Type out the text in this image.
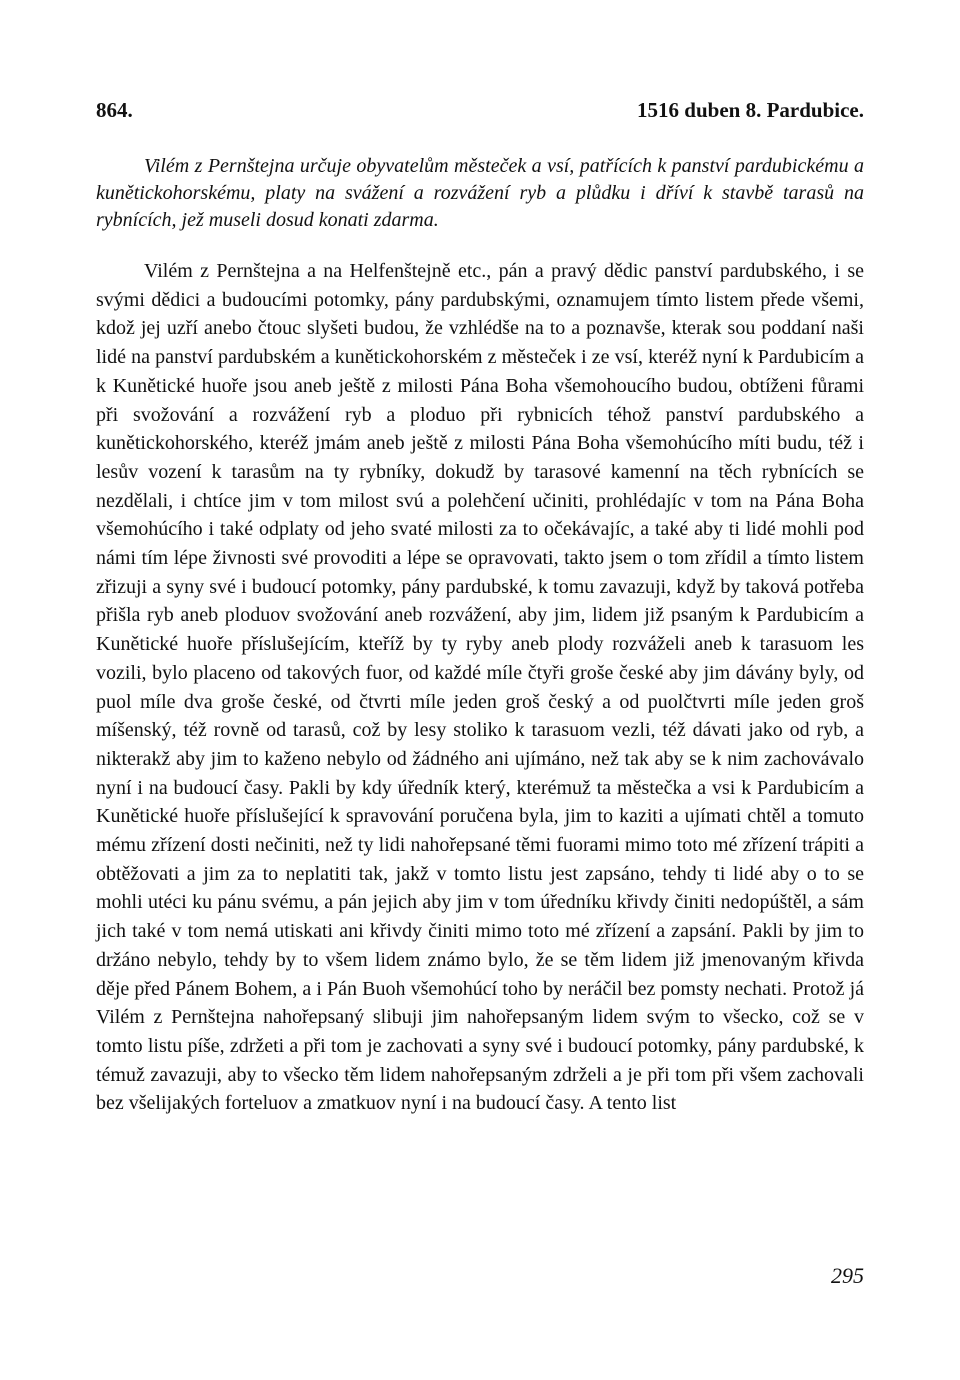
864.	1516 duben 8. Pardubice.

Vilém z Pernštejna určuje obyvatelům městeček a vsí, patřících k panství pardubickému a kunětickohorskému, platy na svážení a rozvážení ryb a plůdku i dříví k stavbě tarasů na rybnících, jež museli dosud konati zdarma.

Vilém z Pernštejna a na Helfenštejně etc., pán a pravý dědic panství pardubského, i se svými dědici a budoucími potomky, pány pardubskými, oznamujem tímto listem přede všemi, kdož jej uzří anebo čtouc slyšeti budou, že vzhlédše na to a poznavše, kterak sou poddaní naši lidé na panství pardubském a kunětickohorském z městeček i ze vsí, kteréž nyní k Pardubicím a k Kunětické huoře jsou aneb ještě z milosti Pána Boha všemohoucího budou, obtíženi fůrami při svožování a rozvážení ryb a ploduo při rybnicích téhož panství pardubského a kunětickohorského, kteréž jmám aneb ještě z milosti Pána Boha všemohúcího míti budu, též i lesův vození k tarasům na ty rybníky, dokudž by tarasové kamenní na těch rybnících se nezdělali, i chtíce jim v tom milost svú a polehčení učiniti, prohlédajíc v tom na Pána Boha všemohúcího i také odplaty od jeho svaté milosti za to očekávajíc, a také aby ti lidé mohli pod námi tím lépe živnosti své provoditi a lépe se opravovati, takto jsem o tom zřídil a tímto listem zřizuji a syny své i budoucí potomky, pány pardubské, k tomu zavazuji, když by taková potřeba přišla ryb aneb ploduov svožování aneb rozvážení, aby jim, lidem již psaným k Pardubicím a Kunětické huoře příslušejícím, kteříž by ty ryby aneb plody rozváželi aneb k tarasuom les vozili, bylo placeno od takových fuor, od každé míle čtyři groše české aby jim dávány byly, od puol míle dva groše české, od čtvrti míle jeden groš český a od puolčtvrti míle jeden groš míšenský, též rovně od tarasů, což by lesy stoliko k tarasuom vezli, též dávati jako od ryb, a nikterakž aby jim to kaženo nebylo od žádného ani ujímáno, než tak aby se k nim zachovávalo nyní i na budoucí časy. Pakli by kdy úředník který, kterémuž ta městečka a vsi k Pardubicím a Kunětické huoře příslušející k spravování poručena byla, jim to kaziti a ujímati chtěl a tomuto mému zřízení dosti nečiniti, než ty lidi nahořepsané těmi fuorami mimo toto mé zřízení trápiti a obtěžovati a jim za to neplatiti tak, jakž v tomto listu jest zapsáno, tehdy ti lidé aby o to se mohli utéci ku pánu svému, a pán jejich aby jim v tom úředníku křivdy činiti nedopúštěl, a sám jich také v tom nemá utiskati ani křivdy činiti mimo toto mé zřízení a zapsání. Pakli by jim to držáno nebylo, tehdy by to všem lidem známo bylo, že se těm lidem již jmenovaným křivda děje před Pánem Bohem, a i Pán Buoh všemohúcí toho by neráčil bez pomsty nechati. Protož já Vilém z Pernštejna nahořepsaný slibuji jim nahořepsaným lidem svým to všecko, což se v tomto listu píše, zdržeti a při tom je zachovati a syny své i budoucí potomky, pány pardubské, k témuž zavazuji, aby to všecko těm lidem nahořepsaným zdrželi a je při tom při všem zachovali bez všelijakých forteluov a zmatkuov nyní i na budoucí časy. A tento list

295
